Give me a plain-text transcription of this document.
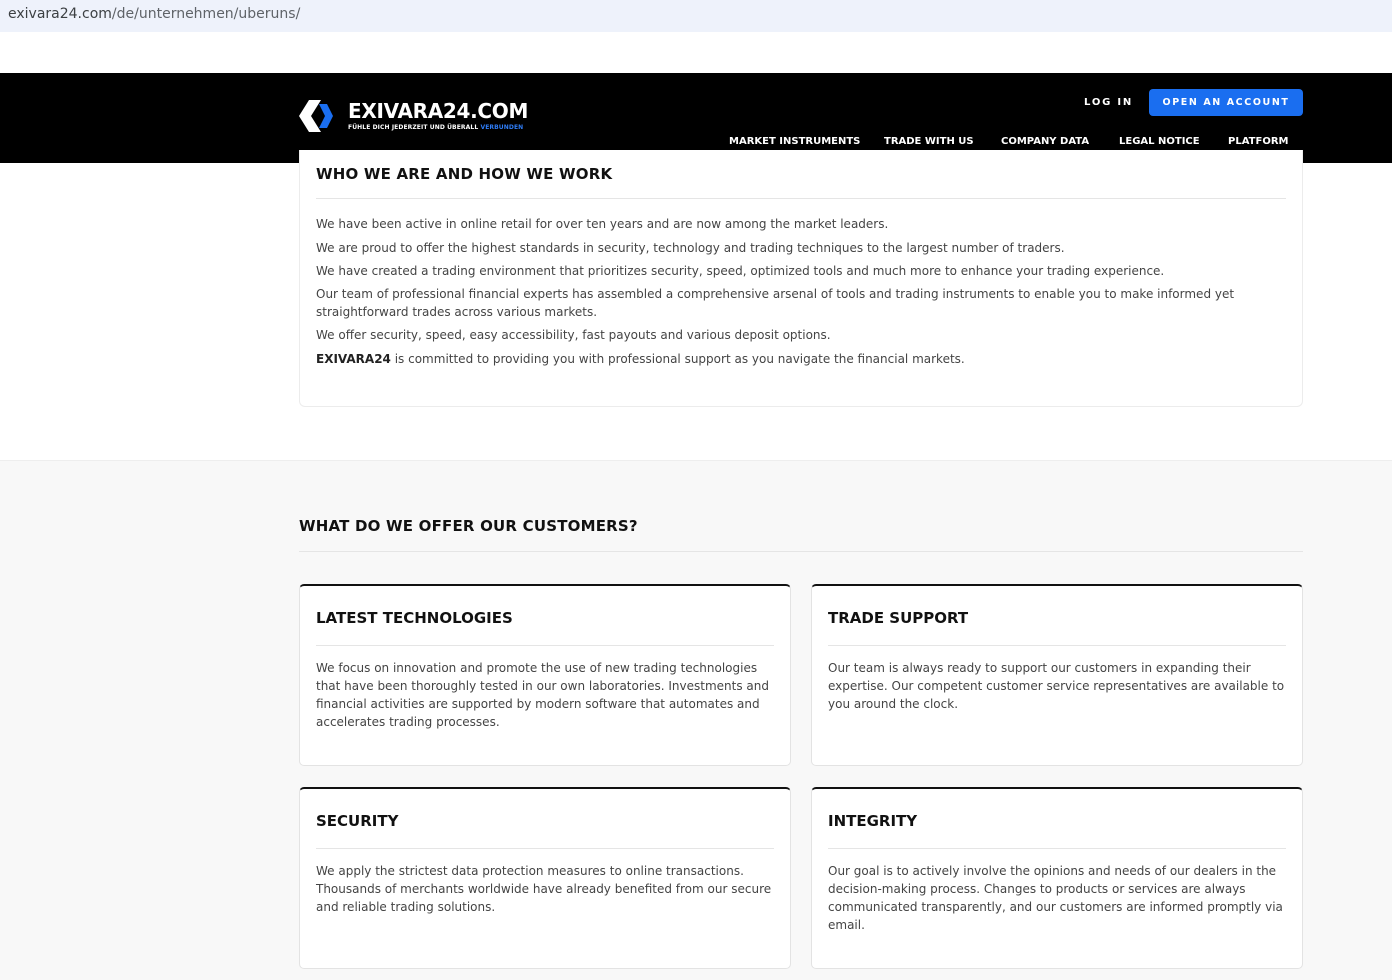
exivara24.com/de/unternehmen/uberuns/
EXIVARA24.COM
FÜHLE DICH JEDERZEIT UND ÜBERALL VERBUNDEN
LOG IN	OPEN AN ACCOUNT
MARKET INSTRUMENTS TRADE WITH US	COMPANY DATA	LEGAL NOTICE	PLATFORM
WHO WE ARE AND HOW WE WORK

We have been active in online retail for over ten years and are now among the market leaders.

We are proud to offer the highest standards in security, technology and trading techniques to the largest number of traders.

We have created a trading environment that prioritizes security, speed, optimized tools and much more to enhance your trading experience.

Our team of professional financial experts has assembled a comprehensive arsenal of tools and trading instruments to enable you to make informed yet straightforward trades across various markets.

We offer security, speed, easy accessibility, fast payouts and various deposit options.

EXIVARA24 is committed to providing you with professional support as you navigate the financial markets.

WHAT DO WE OFFER OUR CUSTOMERS?
LATEST TECHNOLOGIES
We focus on innovation and promote the use of new trading technologies that have been thoroughly tested in our own laboratories. Investments and financial activities are supported by modern software that automates and accelerates trading processes.
TRADE SUPPORT
Our team is always ready to support our customers in expanding their expertise. Our competent customer service representatives are available to you around the clock.
SECURITY
We apply the strictest data protection measures to online transactions. Thousands of merchants worldwide have already benefited from our secure and reliable trading solutions.
INTEGRITY
Our goal is to actively involve the opinions and needs of our dealers in the decision-making process. Changes to products or services are always communicated transparently, and our customers are informed promptly via email.
